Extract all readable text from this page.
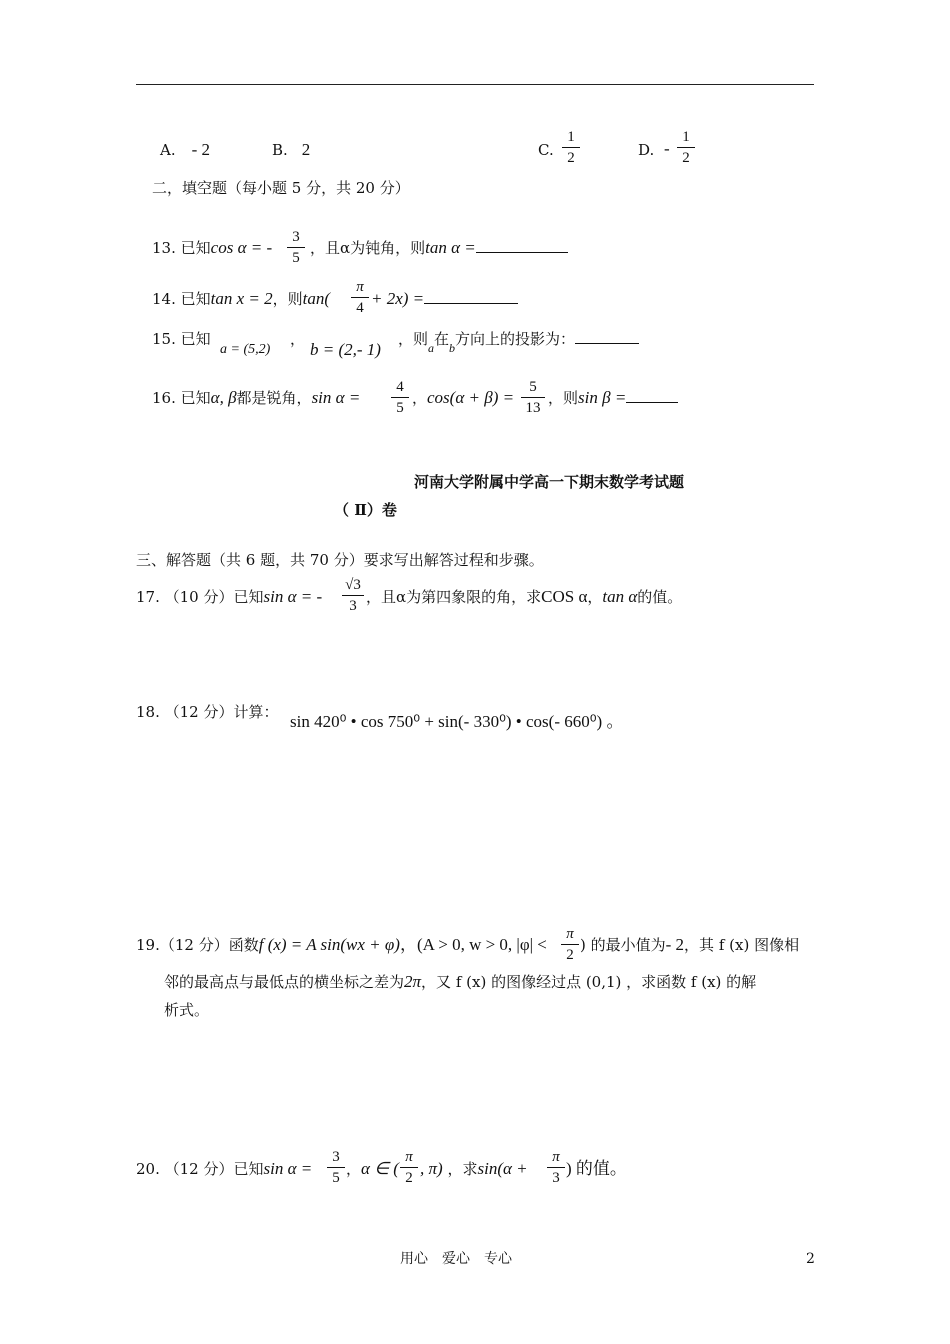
A. - 2	B. 2	C.
1
2	D. -
1
2
二，填空题（每小题 5 分，共 20 分）
13. 已知cos α = -
3
5
，且α为钝角，则tan α =
14. 已知tan x = 2，则tan(
π
4 + 2x) =
15. 已知
a = (5,2)
，
b = (2,- 1)
，则$_a$在$_b$方向上的投影为：
16. 已知α, β都是锐角，sin α =
4
5
，cos(α + β) =
5
13
，则sin β =
河南大学附属中学高一下期末数学考试题
（ Ⅱ）卷
三、解答题（共 6 题，共 70 分）要求写出解答过程和步骤。
17. （10 分）已知sin α = -
√3
3 ，且α为第四象限的角，求COS α，tan α的值。
18. （12 分）计算： sin 420⁰ • cos 750⁰ + sin(- 330⁰) • cos(- 660⁰) 。
19.（12 分）函数f (x) = A sin(wx + φ)，(A > 0, w > 0, |φ| <
π
2
) 的最小值为- 2，其 f (x) 图像相
邻的最高点与最低点的横坐标之差为2π，又 f (x) 的图像经过点 (0,1) ，求函数 f (x) 的解
析式。
20. （12 分）已知sin α =
3
5 ，α ∈ (
π
2 , π) ，求sin(α +
π
3 ) 的值。
用心　爱心　专心	2
